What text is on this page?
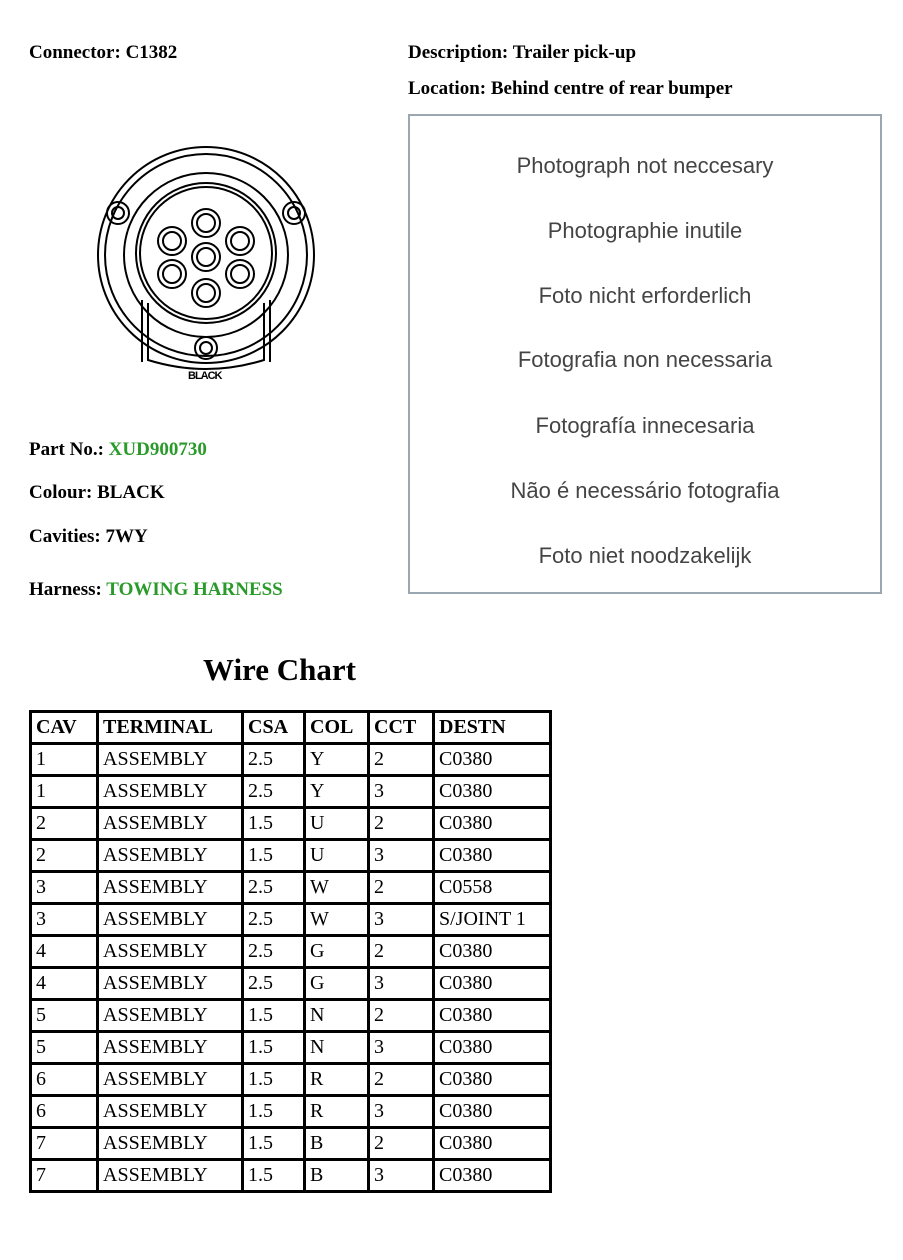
Connector: C1382	Description: Trailer pick-up
Location: Behind centre of rear bumper
BLACK
Photograph not neccesary
Photographie inutile
Foto nicht erforderlich
Fotografia non necessaria
Fotografía innecesaria
Não é necessário fotografia
Foto niet noodzakelijk
Part No.: XUD900730
Colour: BLACK
Cavities: 7WY
Harness: TOWING HARNESS
Wire Chart
CAV	TERMINAL	CSA	COL	CCT	DESTN
1	ASSEMBLY	2.5	Y	2	C0380
1	ASSEMBLY	2.5	Y	3	C0380
2	ASSEMBLY	1.5	U	2	C0380
2	ASSEMBLY	1.5	U	3	C0380
3	ASSEMBLY	2.5	W	2	C0558
3	ASSEMBLY	2.5	W	3	S/JOINT 1
4	ASSEMBLY	2.5	G	2	C0380
4	ASSEMBLY	2.5	G	3	C0380
5	ASSEMBLY	1.5	N	2	C0380
5	ASSEMBLY	1.5	N	3	C0380
6	ASSEMBLY	1.5	R	2	C0380
6	ASSEMBLY	1.5	R	3	C0380
7	ASSEMBLY	1.5	B	2	C0380
7	ASSEMBLY	1.5	B	3	C0380
